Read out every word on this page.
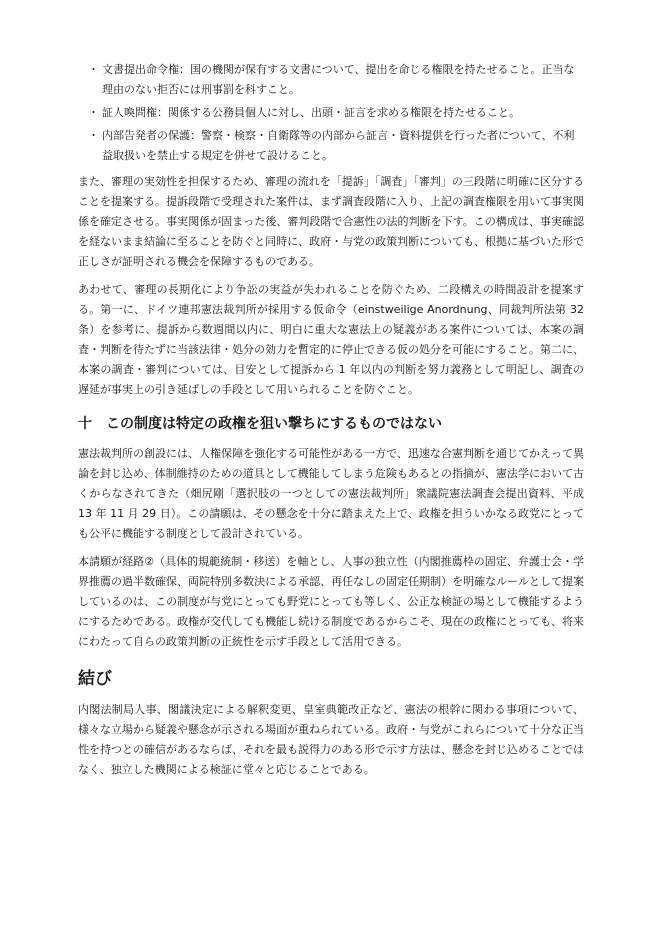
・ 文書提出命令権：国の機関が保有する文書について、提出を命じる権限を持たせること。正当な理由のない拒否には刑事罰を科すこと。
・ 証人喚問権：関係する公務員個人に対し、出頭・証言を求める権限を持たせること。
・ 内部告発者の保護：警察・検察・自衛隊等の内部から証言・資料提供を行った者について、不利益取扱いを禁止する規定を併せて設けること。

また、審理の実効性を担保するため、審理の流れを「提訴」「調査」「審判」の三段階に明確に区分することを提案する。提訴段階で受理された案件は、まず調査段階に入り、上記の調査権限を用いて事実関係を確定させる。事実関係が固まった後、審判段階で合憲性の法的判断を下す。この構成は、事実確認を経ないまま結論に至ることを防ぐと同時に、政府・与党の政策判断についても、根拠に基づいた形で正しさが証明される機会を保障するものである。

あわせて、審理の長期化により争訟の実益が失われることを防ぐため、二段構えの時間設計を提案する。第一に、ドイツ連邦憲法裁判所が採用する仮命令（einstweilige Anordnung、同裁判所法第 32 条）を参考に、提訴から数週間以内に、明白に重大な憲法上の疑義がある案件については、本案の調査・判断を待たずに当該法律・処分の効力を暫定的に停止できる仮の処分を可能にすること。第二に、本案の調査・審判については、目安として提訴から 1 年以内の判断を努力義務として明記し、調査の遅延が事実上の引き延ばしの手段として用いられることを防ぐこと。

十　この制度は特定の政権を狙い撃ちにするものではない

憲法裁判所の創設には、人権保障を強化する可能性がある一方で、迅速な合憲判断を通じてかえって異論を封じ込め、体制維持のための道具として機能してしまう危険もあるとの指摘が、憲法学において古くからなされてきた（畑尻剛「選択肢の一つとしての憲法裁判所」衆議院憲法調査会提出資料、平成 13 年 11 月 29 日）。この請願は、その懸念を十分に踏まえた上で、政権を担ういかなる政党にとっても公平に機能する制度として設計されている。

本請願が経路②（具体的規範統制・移送）を軸とし、人事の独立性（内閣推薦枠の固定、弁護士会・学界推薦の過半数確保、両院特別多数決による承認、再任なしの固定任期制）を明確なルールとして提案しているのは、この制度が与党にとっても野党にとっても等しく、公正な検証の場として機能するようにするためである。政権が交代しても機能し続ける制度であるからこそ、現在の政権にとっても、将来にわたって自らの政策判断の正統性を示す手段として活用できる。

結び

内閣法制局人事、閣議決定による解釈変更、皇室典範改正など、憲法の根幹に関わる事項について、様々な立場から疑義や懸念が示される場面が重ねられている。政府・与党がこれらについて十分な正当性を持つとの確信があるならば、それを最も説得力のある形で示す方法は、懸念を封じ込めることではなく、独立した機関による検証に堂々と応じることである。
